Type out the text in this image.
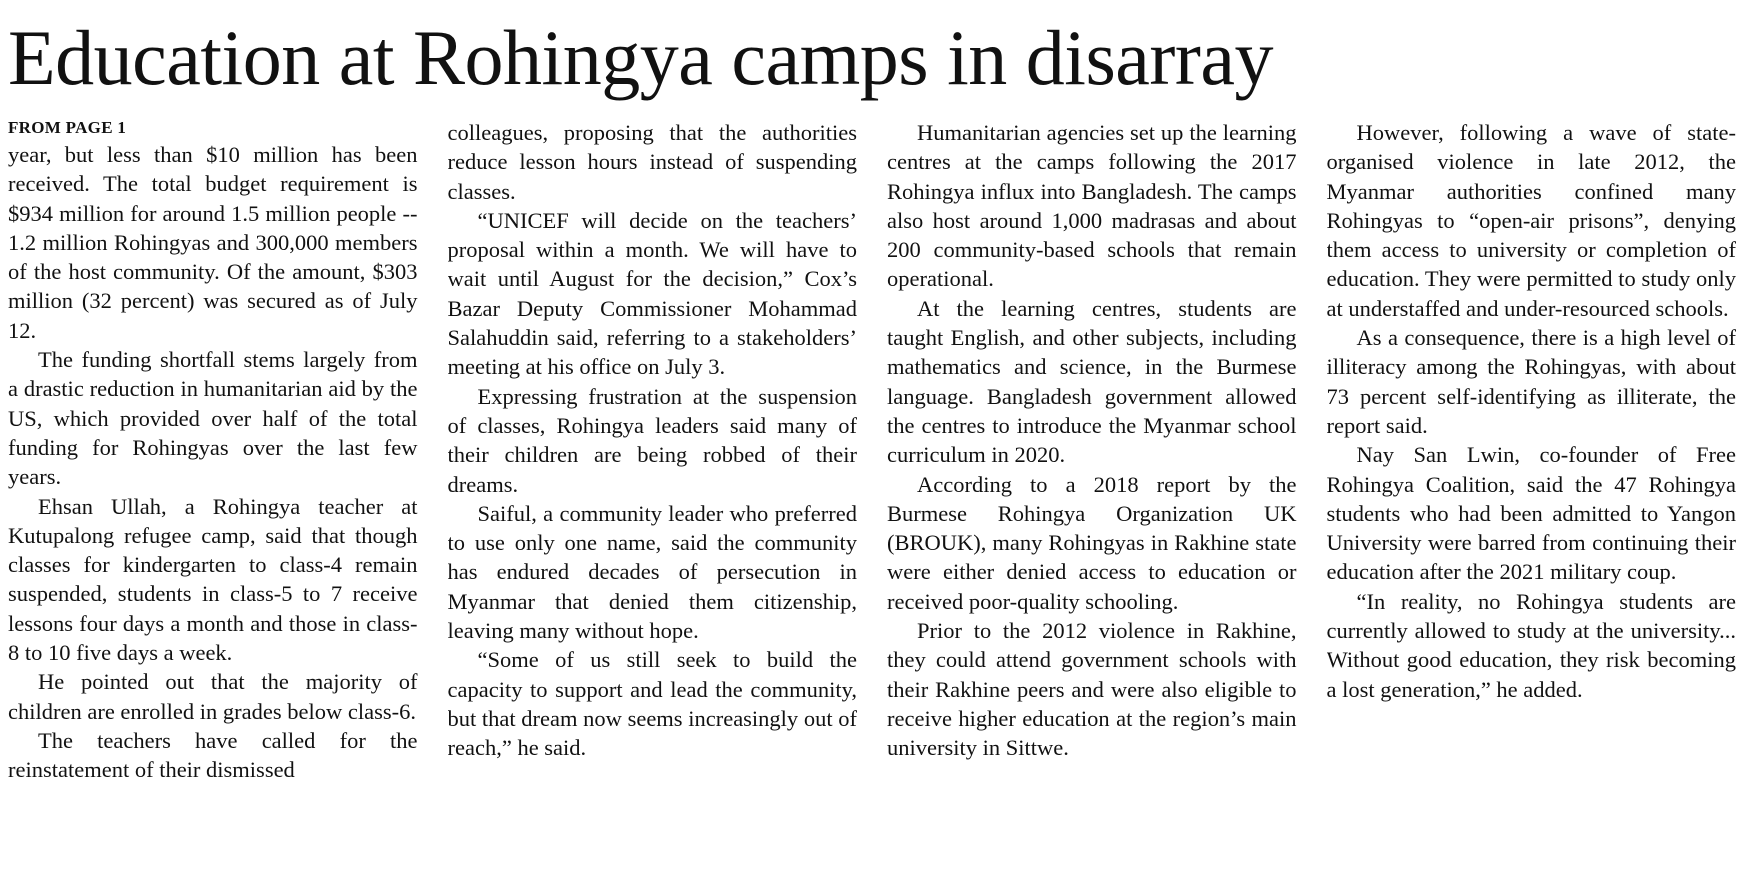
Education at Rohingya camps in disarray
FROM PAGE 1

year, but less than $10 million has been received. The total budget requirement is $934 million for around 1.5 million people -- 1.2 million Rohingyas and 300,000 members of the host community. Of the amount, $303 million (32 percent) was secured as of July 12.

The funding shortfall stems largely from a drastic reduction in humanitarian aid by the US, which provided over half of the total funding for Rohingyas over the last few years.

Ehsan Ullah, a Rohingya teacher at Kutupalong refugee camp, said that though classes for kindergarten to class-4 remain suspended, students in class-5 to 7 receive lessons four days a month and those in class-8 to 10 five days a week.

He pointed out that the majority of children are enrolled in grades below class-6.

The teachers have called for the reinstatement of their dismissed

colleagues, proposing that the authorities reduce lesson hours instead of suspending classes.

“UNICEF will decide on the teachers’ proposal within a month. We will have to wait until August for the decision,” Cox’s Bazar Deputy Commissioner Mohammad Salahuddin said, referring to a stakeholders’ meeting at his office on July 3.

Expressing frustration at the suspension of classes, Rohingya leaders said many of their children are being robbed of their dreams.

Saiful, a community leader who preferred to use only one name, said the community has endured decades of persecution in Myanmar that denied them citizenship, leaving many without hope.

“Some of us still seek to build the capacity to support and lead the community, but that dream now seems increasingly out of reach,” he said.

Humanitarian agencies set up the learning centres at the camps following the 2017 Rohingya influx into Bangladesh. The camps also host around 1,000 madrasas and about 200 community-based schools that remain operational.

At the learning centres, students are taught English, and other subjects, including mathematics and science, in the Burmese language. Bangladesh government allowed the centres to introduce the Myanmar school curriculum in 2020.

According to a 2018 report by the Burmese Rohingya Organization UK (BROUK), many Rohingyas in Rakhine state were either denied access to education or received poor-quality schooling.

Prior to the 2012 violence in Rakhine, they could attend government schools with their Rakhine peers and were also eligible to receive higher education at the region’s main university in Sittwe.

However, following a wave of state-organised violence in late 2012, the Myanmar authorities confined many Rohingyas to “open-air prisons”, denying them access to university or completion of education. They were permitted to study only at understaffed and under-resourced schools.

As a consequence, there is a high level of illiteracy among the Rohingyas, with about 73 percent self-identifying as illiterate, the report said.

Nay San Lwin, co-founder of Free Rohingya Coalition, said the 47 Rohingya students who had been admitted to Yangon University were barred from continuing their education after the 2021 military coup.

“In reality, no Rohingya students are currently allowed to study at the university... Without good education, they risk becoming a lost generation,” he added.
